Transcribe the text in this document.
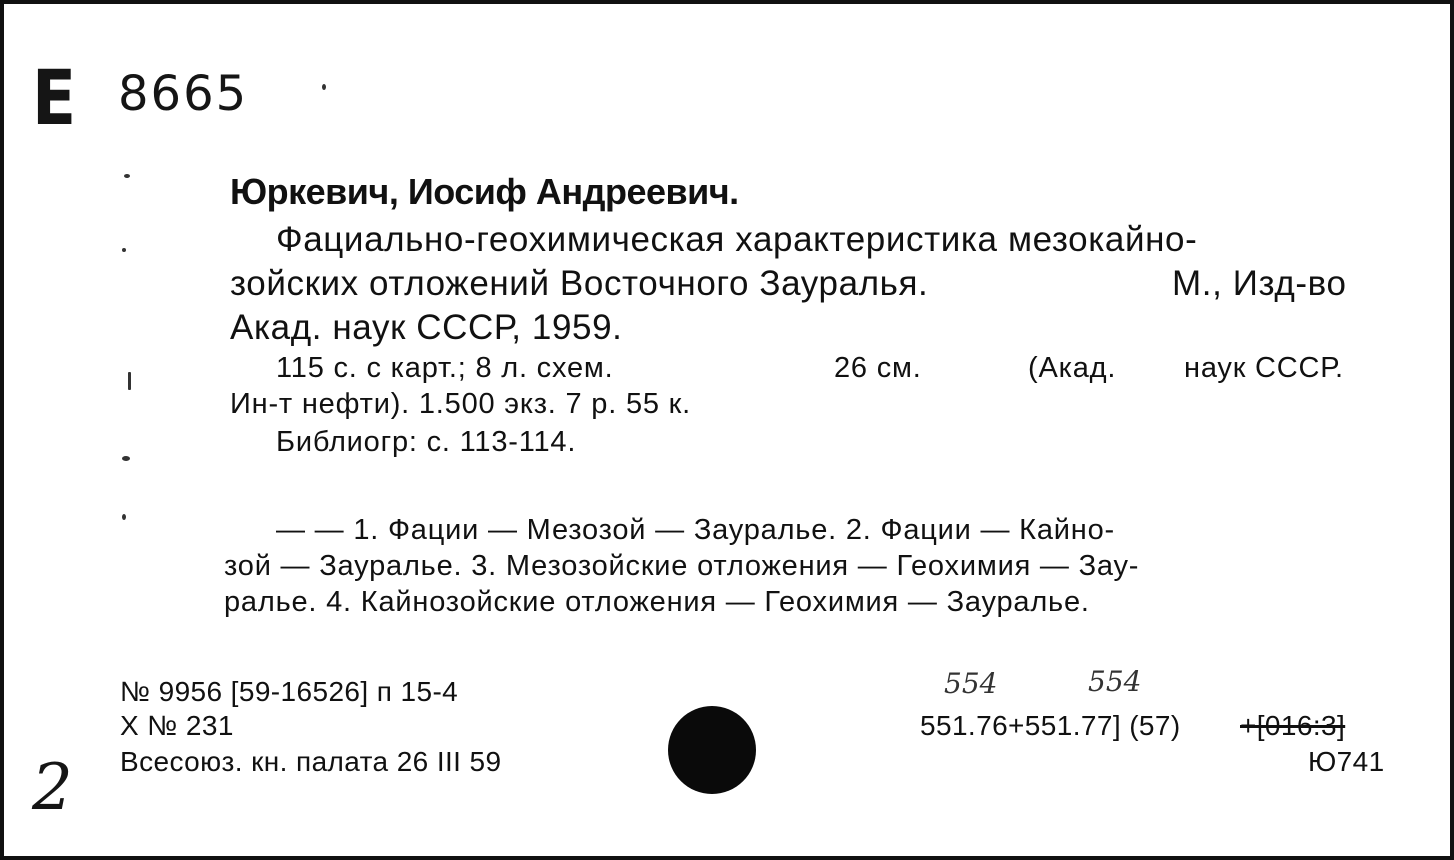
E 8665
Юркевич, Иосиф Андреевич.
Фациально-геохимическая характеристика мезокайно-
зойских отложений Восточного Зауралья.	М., Изд-во
Акад. наук СССР, 1959.
115 с. с карт.; 8 л. схем.	26 см.	(Акад. наук СССР.
Ин-т нефти). 1.500 экз. 7 р. 55 к.
Библиогр: с. 113-114.
— — 1. Фации — Мезозой — Зауралье. 2. Фации — Кайно-
зой — Зауралье. 3. Мезозойские отложения — Геохимия — Зау-
ралье. 4. Кайнозойские отложения — Геохимия — Зауралье.
№ 9956 [59-16526] п 15-4
X № 231
Всесоюз. кн. палата 26 III 59
554	554
551.76+551.77] (57) +[016:3]
Ю741
2
